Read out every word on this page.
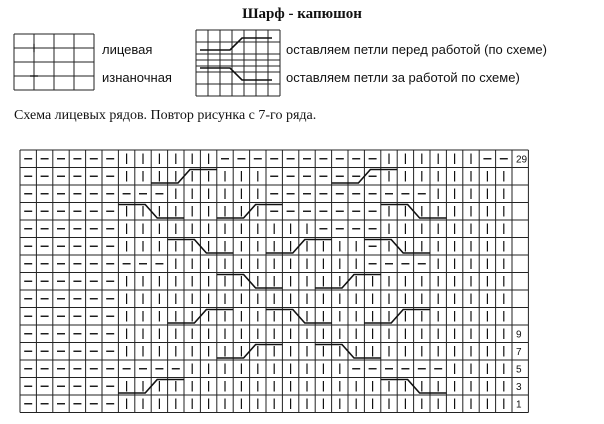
Шарф - капюшон
лицевая
изнаночная
оставляем петли перед работой (по схеме)
оставляем петли за работой по схеме)
Схема лицевых рядов. Повтор рисунка с 7-го ряда.
29
9
7
5
3
1
